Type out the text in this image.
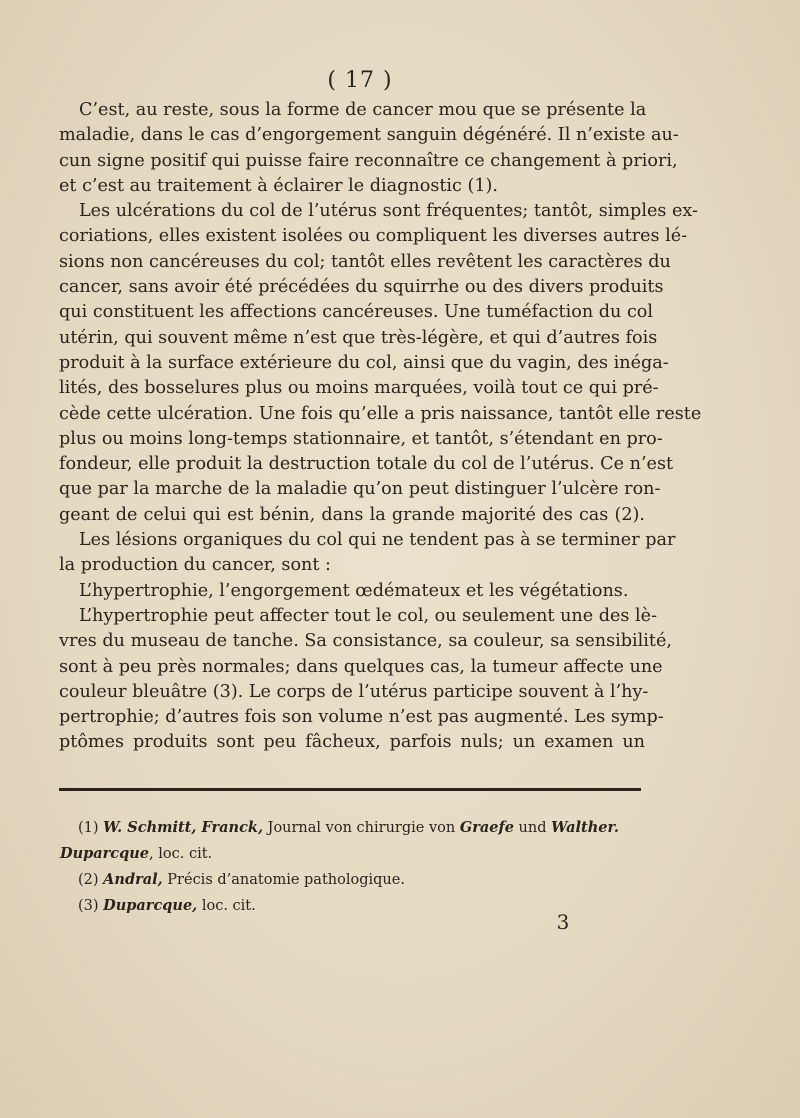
( 17 )
C’est, au reste, sous la forme de cancer mou que se présente la
maladie, dans le cas d’engorgement sanguin dégénéré. Il n’existe au-
cun signe positif qui puisse faire reconnaître ce changement à priori,
et c’est au traitement à éclairer le diagnostic (1).
Les ulcérations du col de l’utérus sont fréquentes; tantôt, simples ex-
coriations, elles existent isolées ou compliquent les diverses autres lé-
sions non cancéreuses du col; tantôt elles revêtent les caractères du
cancer, sans avoir été précédées du squirrhe ou des divers produits
qui constituent les affections cancéreuses. Une tuméfaction du col
utérin, qui souvent même n’est que très-légère, et qui d’autres fois
produit à la surface extérieure du col, ainsi que du vagin, des inéga-
lités, des bosselures plus ou moins marquées, voilà tout ce qui pré-
cède cette ulcération. Une fois qu’elle a pris naissance, tantôt elle reste
plus ou moins long-temps stationnaire, et tantôt, s’étendant en pro-
fondeur, elle produit la destruction totale du col de l’utérus. Ce n’est
que par la marche de la maladie qu’on peut distinguer l’ulcère ron-
geant de celui qui est bénin, dans la grande majorité des cas (2).
Les lésions organiques du col qui ne tendent pas à se terminer par
la production du cancer, sont :
L’hypertrophie, l’engorgement œdémateux et les végétations.
L’hypertrophie peut affecter tout le col, ou seulement une des lè-
vres du museau de tanche. Sa consistance, sa couleur, sa sensibilité,
sont à peu près normales; dans quelques cas, la tumeur affecte une
couleur bleuâtre (3). Le corps de l’utérus participe souvent à l’hy-
pertrophie; d’autres fois son volume n’est pas augmenté. Les symp-
ptômes produits sont peu fâcheux, parfois nuls; un examen un
(1) W. Schmitt, Franck, Journal von chirurgie von Graefe und Walther.
Duparcque, loc. cit.
(2) Andral, Précis d’anatomie pathologique.
(3) Duparcque, loc. cit.
3
